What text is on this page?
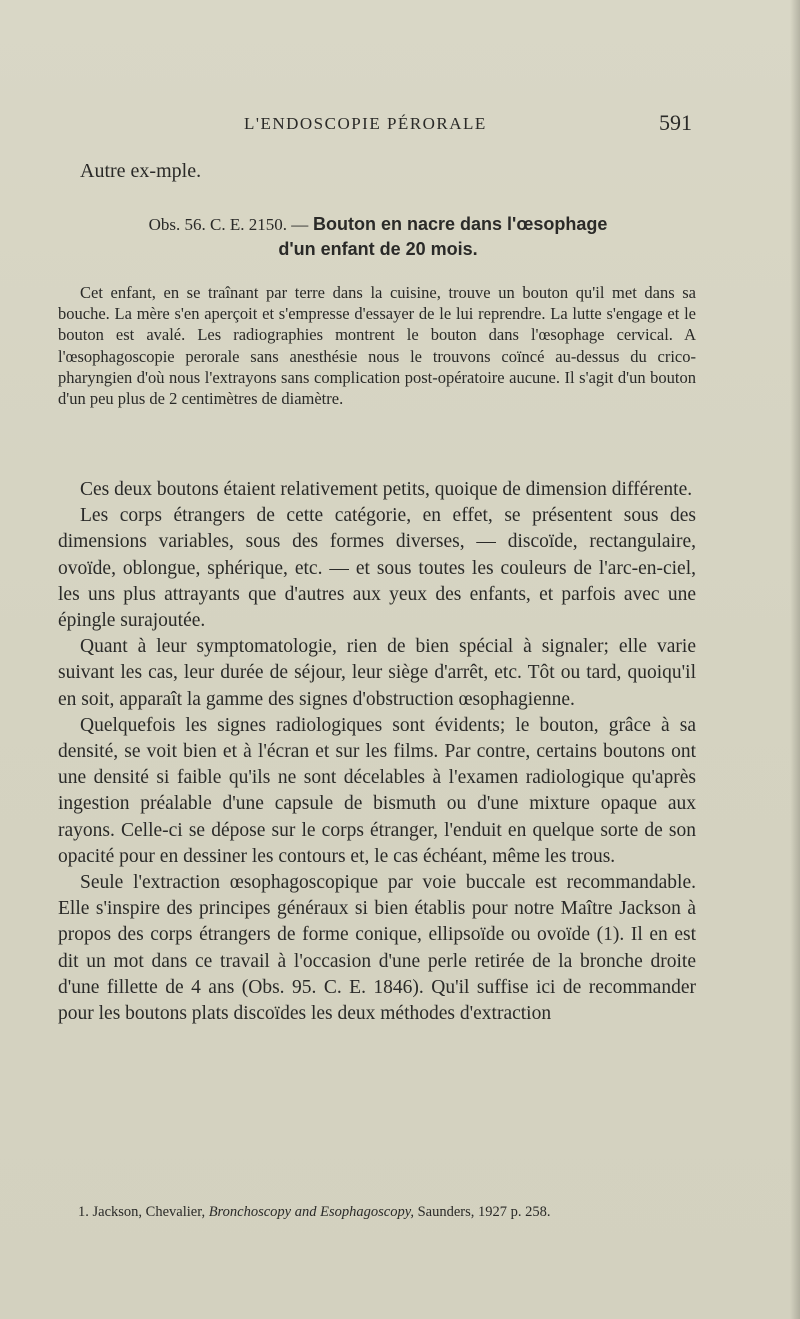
L'ENDOSCOPIE PÉRORALE	591
Autre ex-mple.
Obs. 56. C. E. 2150. — Bouton en nacre dans l'œsophage
d'un enfant de 20 mois.

Cet enfant, en se traînant par terre dans la cuisine, trouve un bouton qu'il met dans sa bouche. La mère s'en aperçoit et s'empresse d'essayer de le lui reprendre. La lutte s'engage et le bouton est avalé. Les radiographies montrent le bouton dans l'œsophage cervical. A l'œsophagoscopie perorale sans anesthésie nous le trouvons coïncé au-dessus du crico-pharyngien d'où nous l'extrayons sans complication post-opératoire aucune. Il s'agit d'un bouton d'un peu plus de 2 centimètres de diamètre.

Ces deux boutons étaient relativement petits, quoique de dimension différente.

Les corps étrangers de cette catégorie, en effet, se présentent sous des dimensions variables, sous des formes diverses, — discoïde, rectangulaire, ovoïde, oblongue, sphérique, etc. — et sous toutes les couleurs de l'arc-en-ciel, les uns plus attrayants que d'autres aux yeux des enfants, et parfois avec une épingle surajoutée.

Quant à leur symptomatologie, rien de bien spécial à signaler; elle varie suivant les cas, leur durée de séjour, leur siège d'arrêt, etc. Tôt ou tard, quoiqu'il en soit, apparaît la gamme des signes d'obstruction œsophagienne.

Quelquefois les signes radiologiques sont évidents; le bouton, grâce à sa densité, se voit bien et à l'écran et sur les films. Par contre, certains boutons ont une densité si faible qu'ils ne sont décelables à l'examen radiologique qu'après ingestion préalable d'une capsule de bismuth ou d'une mixture opaque aux rayons. Celle-ci se dépose sur le corps étranger, l'enduit en quelque sorte de son opacité pour en dessiner les contours et, le cas échéant, même les trous.

Seule l'extraction œsophagoscopique par voie buccale est recommandable. Elle s'inspire des principes généraux si bien établis pour notre Maître Jackson à propos des corps étrangers de forme conique, ellipsoïde ou ovoïde (1). Il en est dit un mot dans ce travail à l'occasion d'une perle retirée de la bronche droite d'une fillette de 4 ans (Obs. 95. C. E. 1846). Qu'il suffise ici de recommander pour les boutons plats discoïdes les deux méthodes d'extraction

1. Jackson, Chevalier, Bronchoscopy and Esophagoscopy, Saunders, 1927 p. 258.
